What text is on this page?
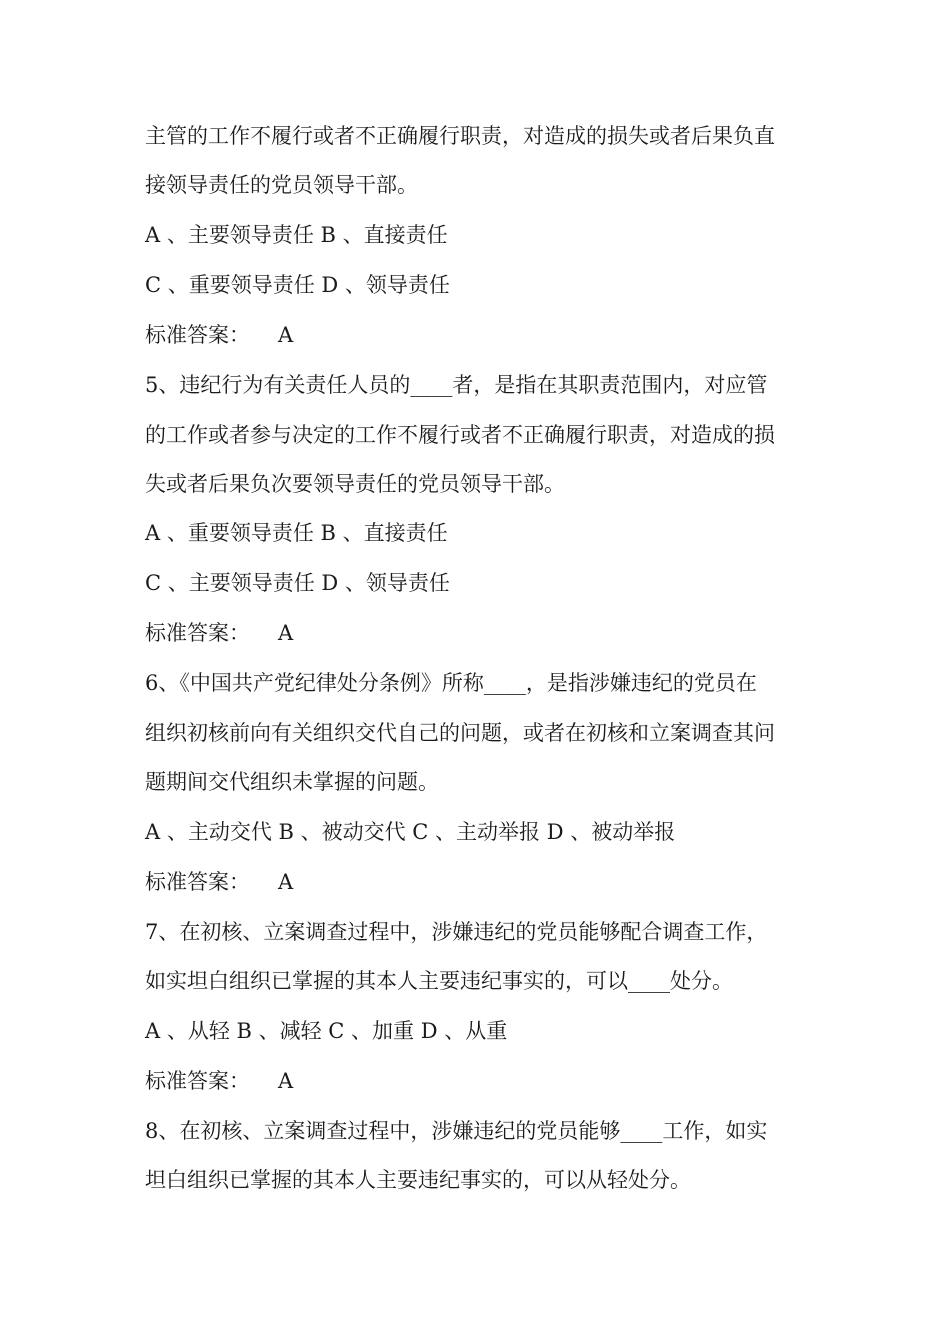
主管的工作不履行或者不正确履行职责，对造成的损失或者后果负直
接领导责任的党员领导干部。
A 、主要领导责任 B 、直接责任
C 、重要领导责任 D 、领导责任
标准答案： A
5、违纪行为有关责任人员的____者，是指在其职责范围内，对应管
的工作或者参与决定的工作不履行或者不正确履行职责，对造成的损
失或者后果负次要领导责任的党员领导干部。
A 、重要领导责任 B 、直接责任
C 、主要领导责任 D 、领导责任
标准答案： A
6、《中国共产党纪律处分条例》所称____，是指涉嫌违纪的党员在
组织初核前向有关组织交代自己的问题，或者在初核和立案调查其问
题期间交代组织未掌握的问题。
A 、主动交代 B 、被动交代 C 、主动举报 D 、被动举报
标准答案： A
7、在初核、立案调查过程中，涉嫌违纪的党员能够配合调查工作，
如实坦白组织已掌握的其本人主要违纪事实的，可以____处分。
A 、从轻 B 、减轻 C 、加重 D 、从重
标准答案： A
8、在初核、立案调查过程中，涉嫌违纪的党员能够____工作，如实
坦白组织已掌握的其本人主要违纪事实的，可以从轻处分。
